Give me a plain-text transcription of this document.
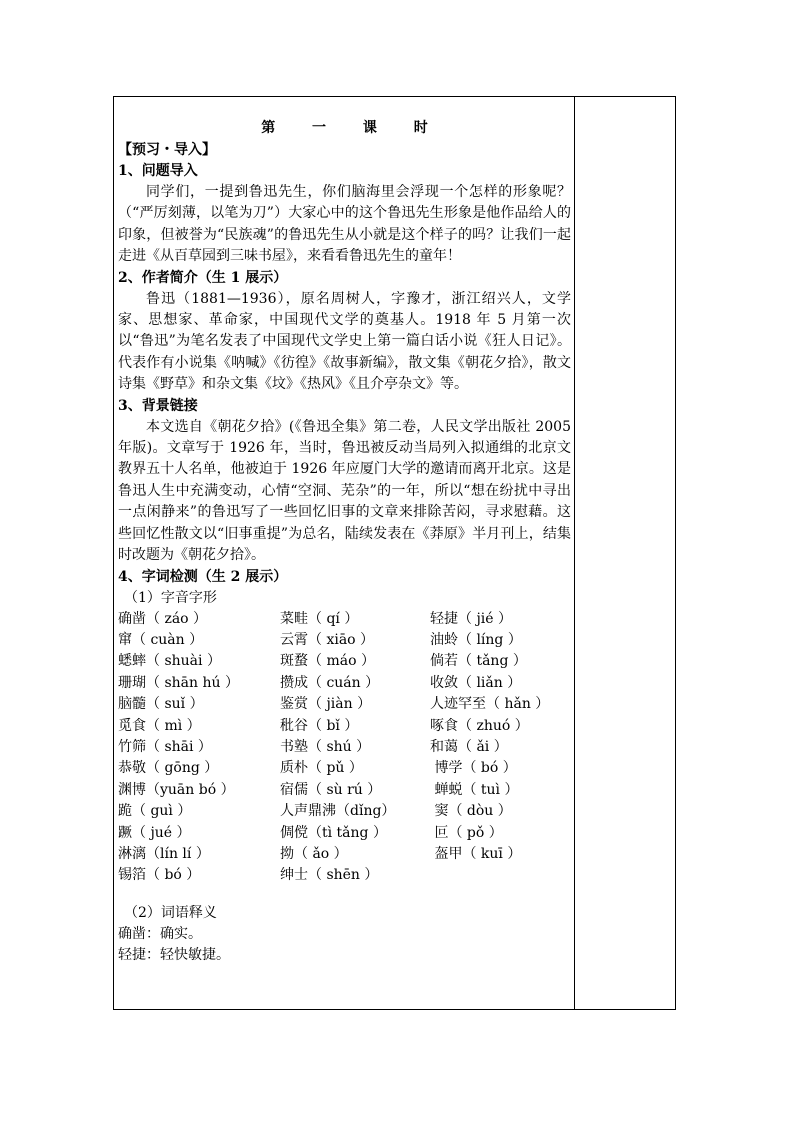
第 一 课 时
【预习・导入】
1、问题导入
同学们，一提到鲁迅先生，你们脑海里会浮现一个怎样的形象呢？（“严厉刻薄，以笔为刀”）大家心中的这个鲁迅先生形象是他作品给人的印象，但被誉为“民族魂”的鲁迅先生从小就是这个样子的吗？让我们一起走进《从百草园到三味书屋》，来看看鲁迅先生的童年！
2、作者简介（生 1 展示）
鲁迅（1881—1936），原名周树人，字豫才，浙江绍兴人，文学家、思想家、革命家，中国现代文学的奠基人。1918 年 5 月第一次以“鲁迅”为笔名发表了中国现代文学史上第一篇白话小说《狂人日记》。代表作有小说集《呐喊》《彷徨》《故事新编》，散文集《朝花夕拾》，散文诗集《野草》和杂文集《坟》《热风》《且介亭杂文》等。
3、背景链接
本文选自《朝花夕拾》(《鲁迅全集》第二卷，人民文学出版社 2005 年版)。文章写于 1926 年，当时，鲁迅被反动当局列入拟通缉的北京文教界五十人名单，他被迫于 1926 年应厦门大学的邀请而离开北京。这是鲁迅人生中充满变动，心情“空洞、芜杂”的一年，所以“想在纷扰中寻出一点闲静来”的鲁迅写了一些回忆旧事的文章来排除苦闷，寻求慰藉。这些回忆性散文以“旧事重提”为总名，陆续发表在《莽原》半月刊上，结集时改题为《朝花夕拾》。
4、字词检测（生 2 展示）
（1）字音字形
确凿（ záo ）	菜畦（ qí ）	轻捷（ jié ）
窜（ cuàn ）	云霄（ xiāo ）	油蛉（ líng ）
蟋蟀（ shuài ）	斑蝥（ máo ）	倘若（ tǎng ）
珊瑚（ shān hú ）	攒成（ cuán ）	收敛（ liǎn ）
脑髓（ suǐ ）	鉴赏（ jiàn ）	人迹罕至（ hǎn ）
觅食（ mì ）	秕谷（ bǐ ）	啄食（ zhuó ）
竹筛（ shāi ）	书塾（ shú ）	和蔼（ ǎi ）
恭敬（ gōng ）	质朴（ pǔ ）	博学（ bó ）
渊博（yuān bó ）	宿儒（ sù rú ）	蝉蜕（ tuì ）
跪（ guì ）	人声鼎沸（dǐng） 窦（ dòu ）
蹶（ jué ）	倜傥（tì tǎng ）	叵（ pǒ ）
淋漓（lín lí ）	拗（ ǎo ）	盔甲（ kuī ）
锡箔（ bó ）	绅士（ shēn ）
（2）词语释义
确凿：确实。
轻捷：轻快敏捷。
